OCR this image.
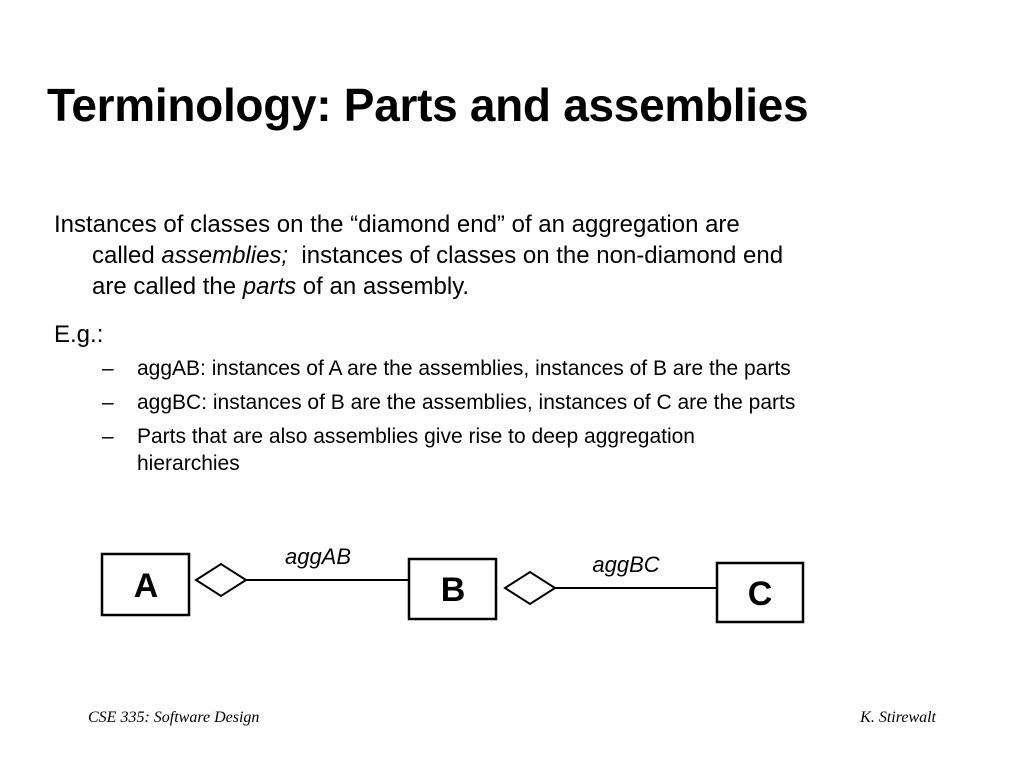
Terminology: Parts and assemblies
Instances of classes on the “diamond end” of an aggregation are
called assemblies;  instances of classes on the non-diamond end
are called the parts of an assembly.
E.g.:
– aggAB: instances of A are the assemblies, instances of B are the parts
– aggBC: instances of B are the assemblies, instances of C are the parts
– Parts that are also assemblies give rise to deep aggregation
hierarchies
A
aggAB
B
aggBC
C
CSE 335: Software Design	K. Stirewalt
